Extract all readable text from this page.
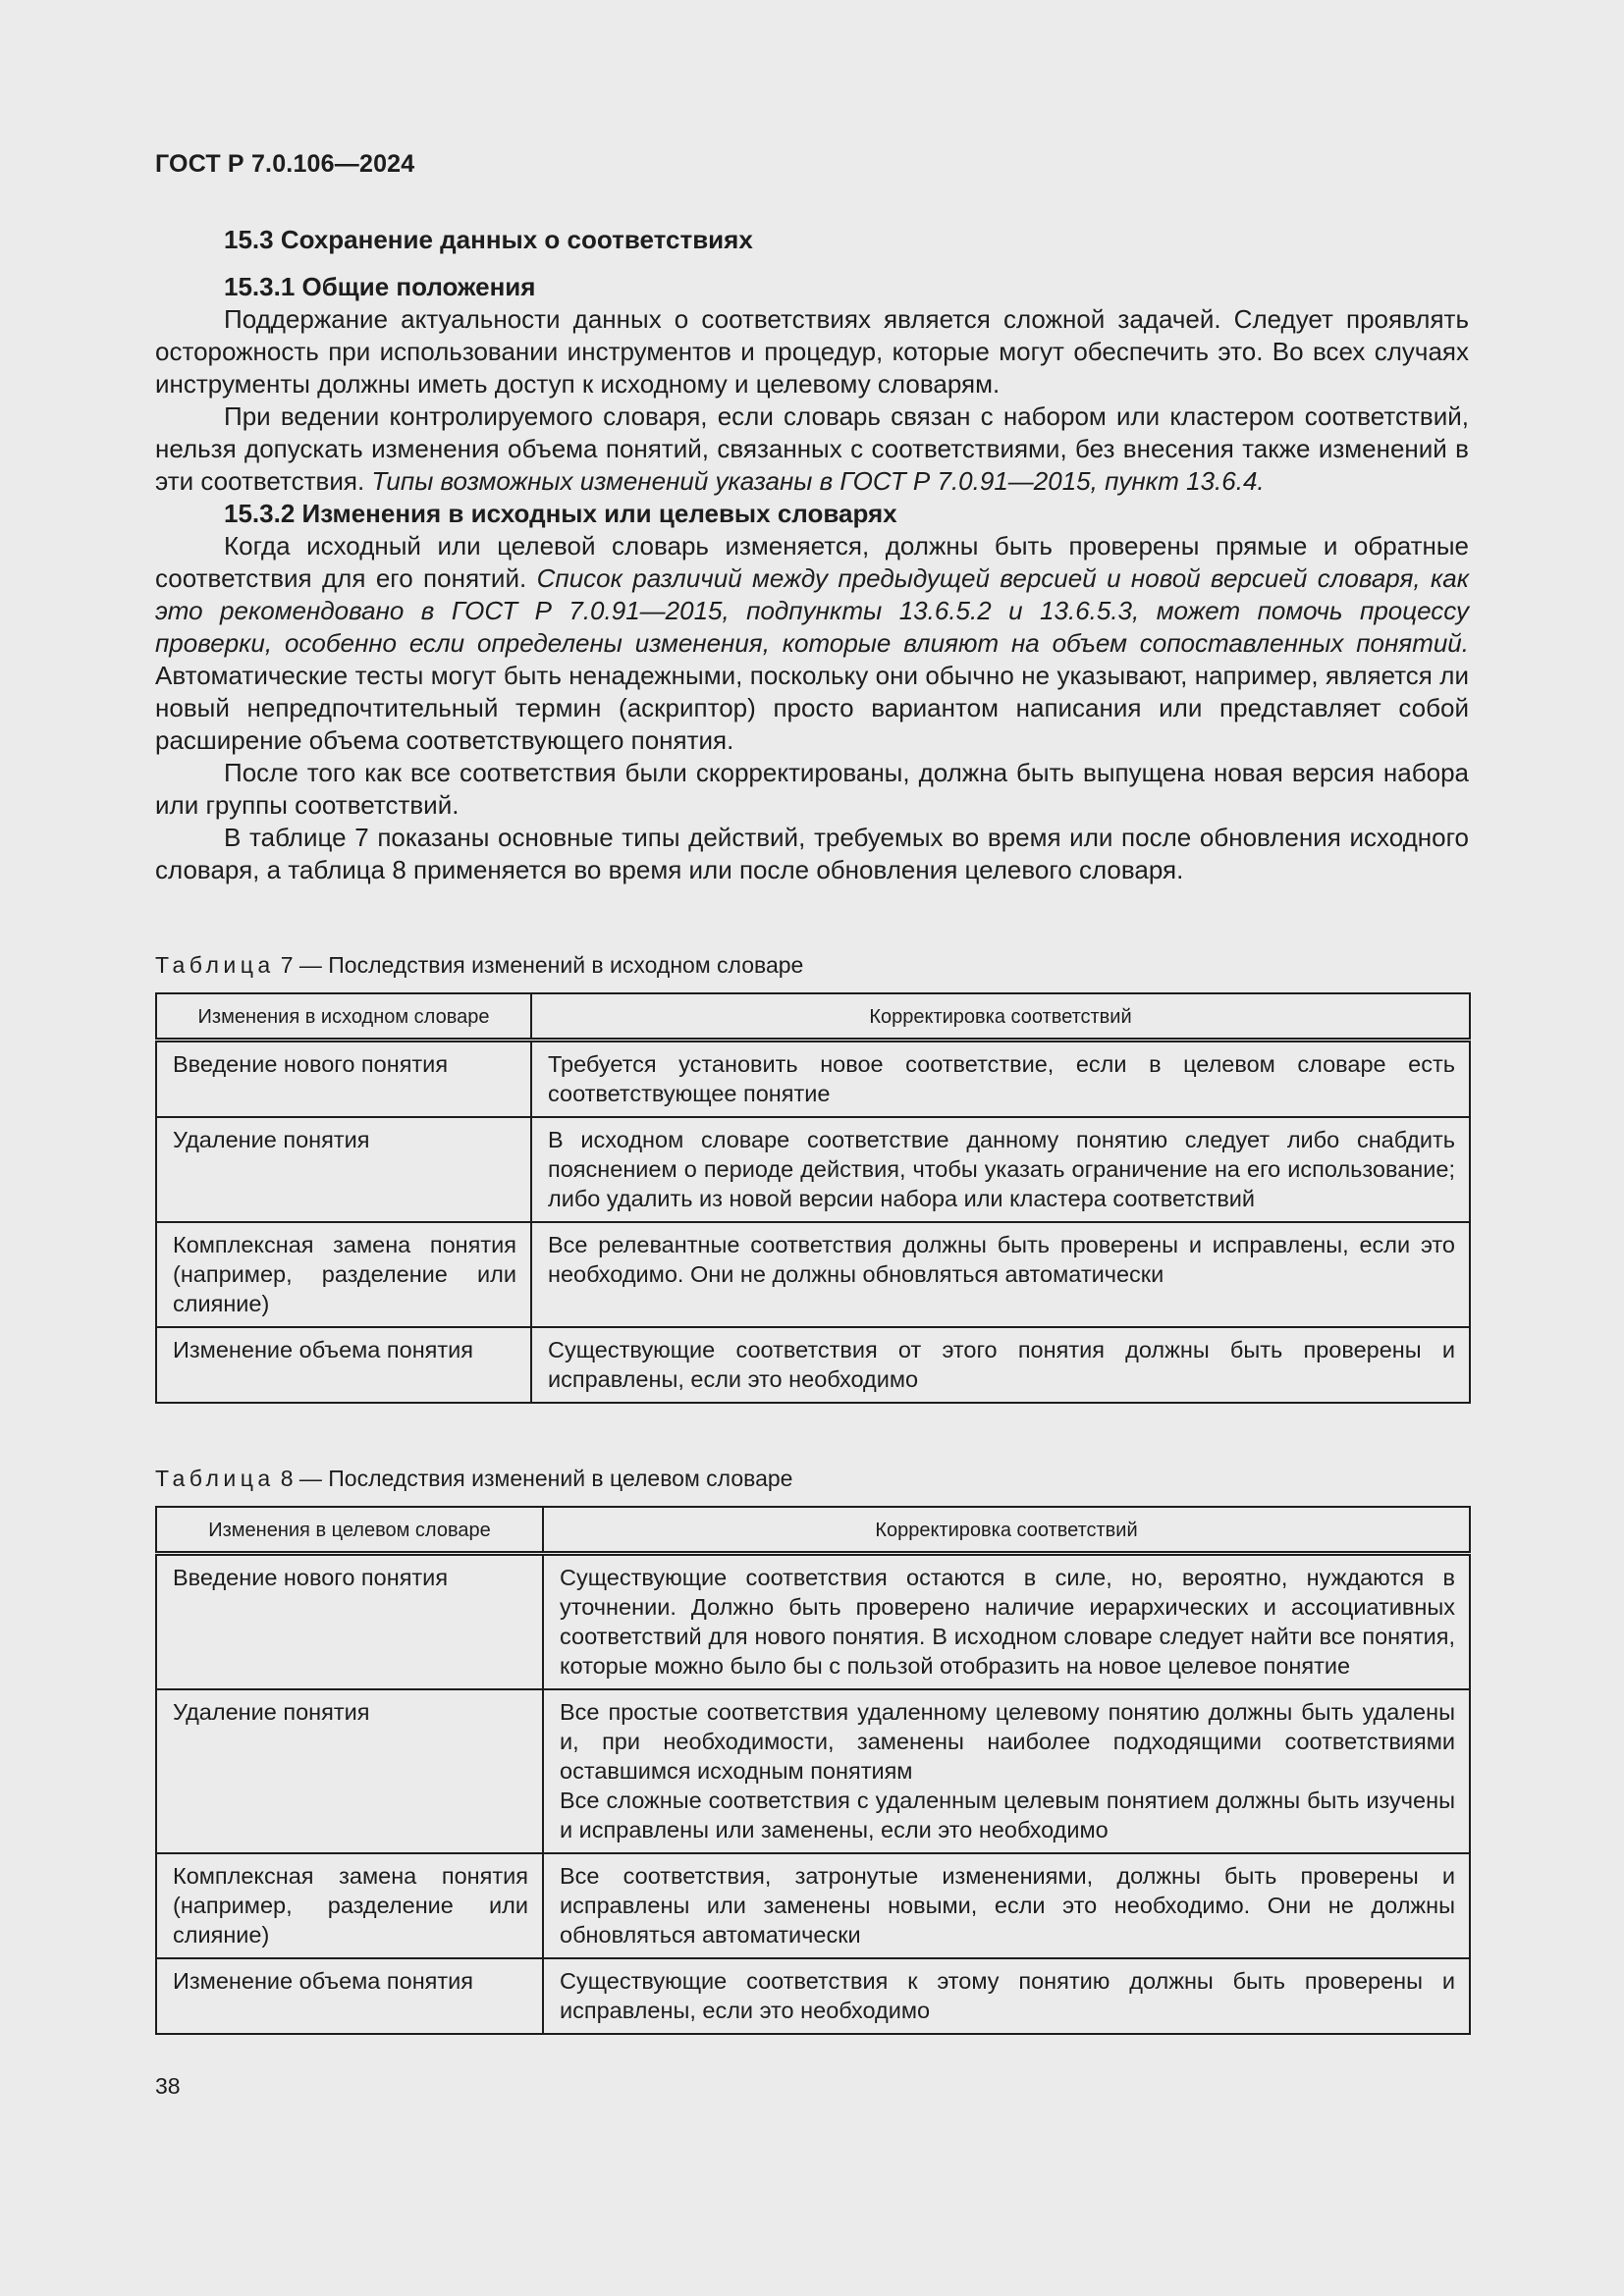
ГОСТ Р 7.0.106—2024

15.3 Сохранение данных о соответствиях

15.3.1 Общие положения

Поддержание актуальности данных о соответствиях является сложной задачей. Следует проявлять осторожность при использовании инструментов и процедур, которые могут обеспечить это. Во всех случаях инструменты должны иметь доступ к исходному и целевому словарям.

При ведении контролируемого словаря, если словарь связан с набором или кластером соответствий, нельзя допускать изменения объема понятий, связанных с соответствиями, без внесения также изменений в эти соответствия. Типы возможных изменений указаны в ГОСТ Р 7.0.91—2015, пункт 13.6.4.

15.3.2 Изменения в исходных или целевых словарях

Когда исходный или целевой словарь изменяется, должны быть проверены прямые и обратные соответствия для его понятий. Список различий между предыдущей версией и новой версией словаря, как это рекомендовано в ГОСТ Р 7.0.91—2015, подпункты 13.6.5.2 и 13.6.5.3, может помочь процессу проверки, особенно если определены изменения, которые влияют на объем сопоставленных понятий. Автоматические тесты могут быть ненадежными, поскольку они обычно не указывают, например, является ли новый непредпочтительный термин (аскриптор) просто вариантом написания или представляет собой расширение объема соответствующего понятия.

После того как все соответствия были скорректированы, должна быть выпущена новая версия набора или группы соответствий.

В таблице 7 показаны основные типы действий, требуемых во время или после обновления исходного словаря, а таблица 8 применяется во время или после обновления целевого словаря.

Таблица 7 — Последствия изменений в исходном словаре
Изменения в исходном словаре	Корректировка соответствий
Введение нового понятия	Требуется установить новое соответствие, если в целевом словаре есть соответствующее понятие
Удаление понятия	В исходном словаре соответствие данному понятию следует либо снабдить пояснением о периоде действия, чтобы указать ограничение на его использование; либо удалить из новой версии набора или кластера соответствий
Комплексная замена понятия (например, разделение или слияние)	Все релевантные соответствия должны быть проверены и исправлены, если это необходимо. Они не должны обновляться автоматически
Изменение объема понятия	Существующие соответствия от этого понятия должны быть проверены и исправлены, если это необходимо
Таблица 8 — Последствия изменений в целевом словаре
Изменения в целевом словаре	Корректировка соответствий
Введение нового понятия	Существующие соответствия остаются в силе, но, вероятно, нуждаются в уточнении. Должно быть проверено наличие иерархических и ассоциативных соответствий для нового понятия. В исходном словаре следует найти все понятия, которые можно было бы с пользой отобразить на новое целевое понятие
Удаление понятия	Все простые соответствия удаленному целевому понятию должны быть удалены и, при необходимости, заменены наиболее подходящими соответствиями оставшимся исходным понятиям
Все сложные соответствия с удаленным целевым понятием должны быть изучены и исправлены или заменены, если это необходимо

Комплексная замена понятия (например, разделение или слияние)	Все соответствия, затронутые изменениями, должны быть проверены и исправлены или заменены новыми, если это необходимо. Они не должны обновляться автоматически
Изменение объема понятия	Существующие соответствия к этому понятию должны быть проверены и исправлены, если это необходимо
38
